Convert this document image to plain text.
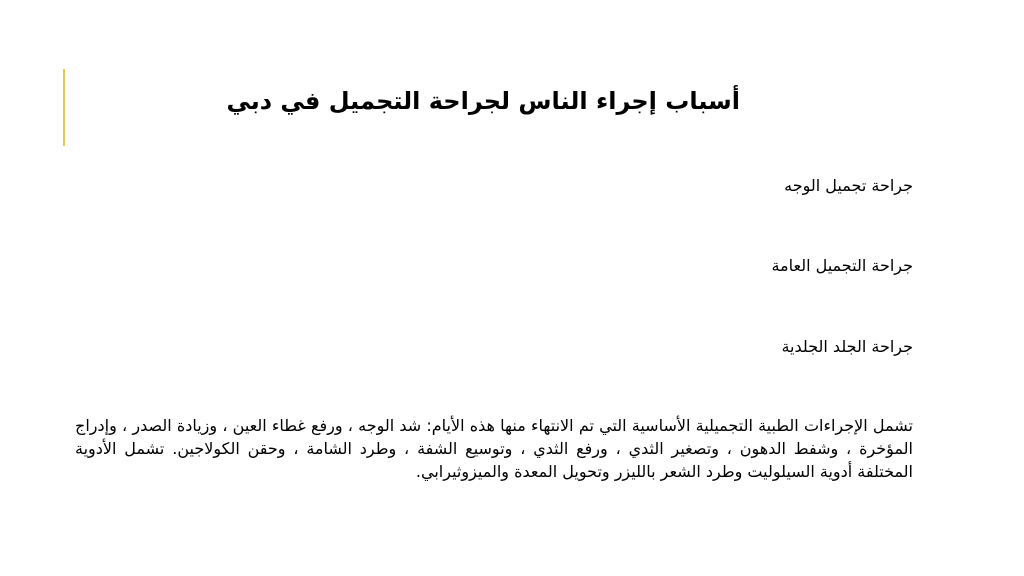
أسباب إجراء الناس لجراحة التجميل في دبي
جراحة تجميل الوجه
جراحة التجميل العامة
جراحة الجلد الجلدية
تشمل الإجراءات الطبية التجميلية الأساسية التي تم الانتهاء منها هذه الأيام: شد الوجه ، ورفع غطاء العين ، وزيادة الصدر ، وإدراج المؤخرة ، وشفط الدهون ، وتصغير الثدي ، ورفع الثدي ، وتوسيع الشفة ، وطرد الشامة ، وحقن الكولاجين. تشمل الأدوية المختلفة أدوية السيلوليت وطرد الشعر بالليزر وتحويل المعدة والميزوثيرابي.
